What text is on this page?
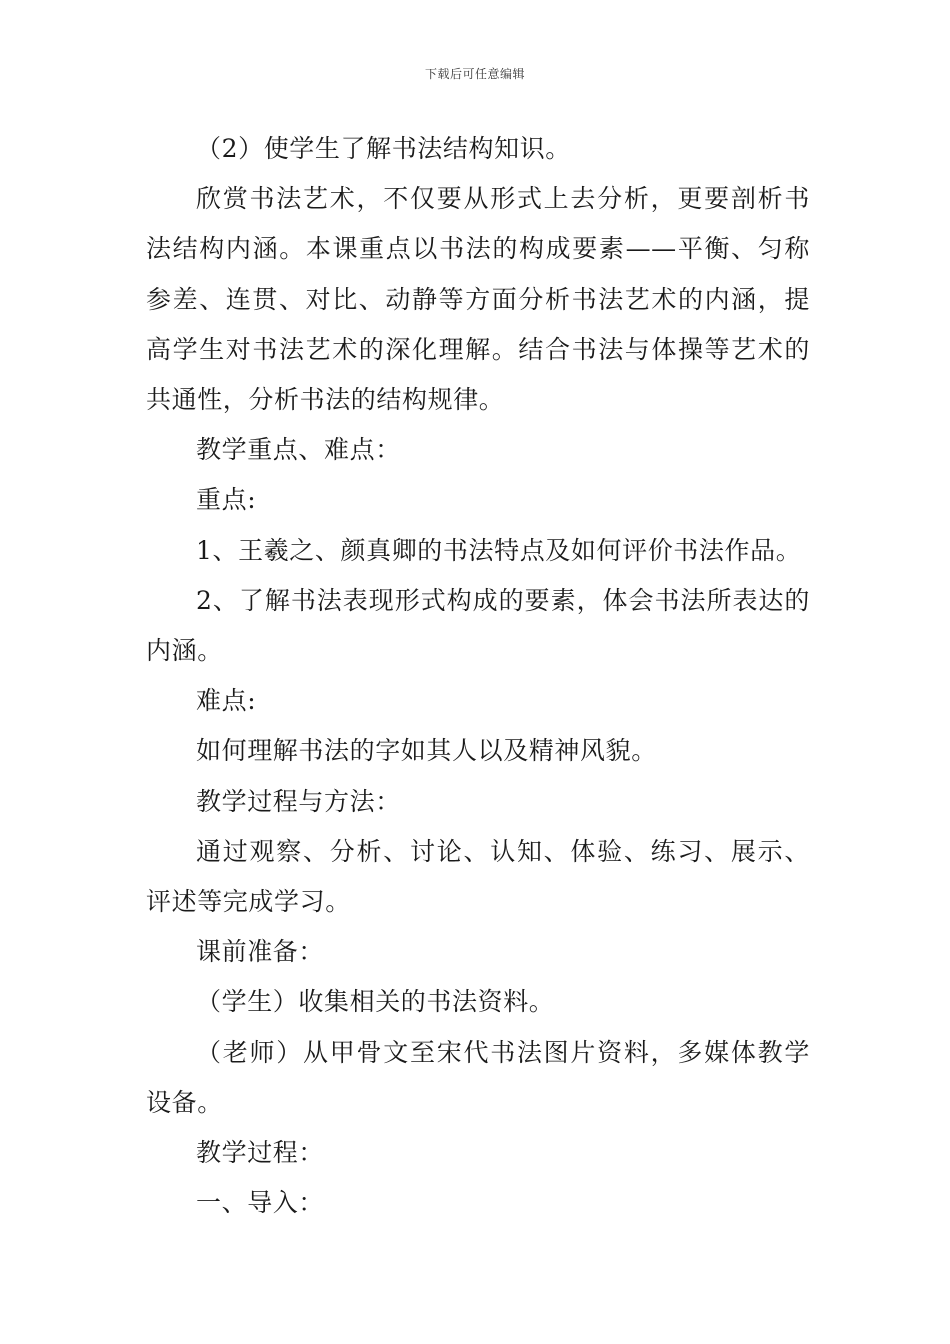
下载后可任意编辑

（2）使学生了解书法结构知识。

欣赏书法艺术，不仅要从形式上去分析，更要剖析书法结构内涵。本课重点以书法的构成要素——平衡、匀称参差、连贯、对比、动静等方面分析书法艺术的内涵，提高学生对书法艺术的深化理解。结合书法与体操等艺术的共通性，分析书法的结构规律。

教学重点、难点：

重点:

1、王羲之、颜真卿的书法特点及如何评价书法作品。

2、了解书法表现形式构成的要素，体会书法所表达的内涵。

难点:

如何理解书法的字如其人以及精神风貌。

教学过程与方法：

通过观察、分析、讨论、认知、体验、练习、展示、评述等完成学习。

课前准备：

（学生）收集相关的书法资料。

（老师）从甲骨文至宋代书法图片资料，多媒体教学设备。

教学过程：

一、导入：
